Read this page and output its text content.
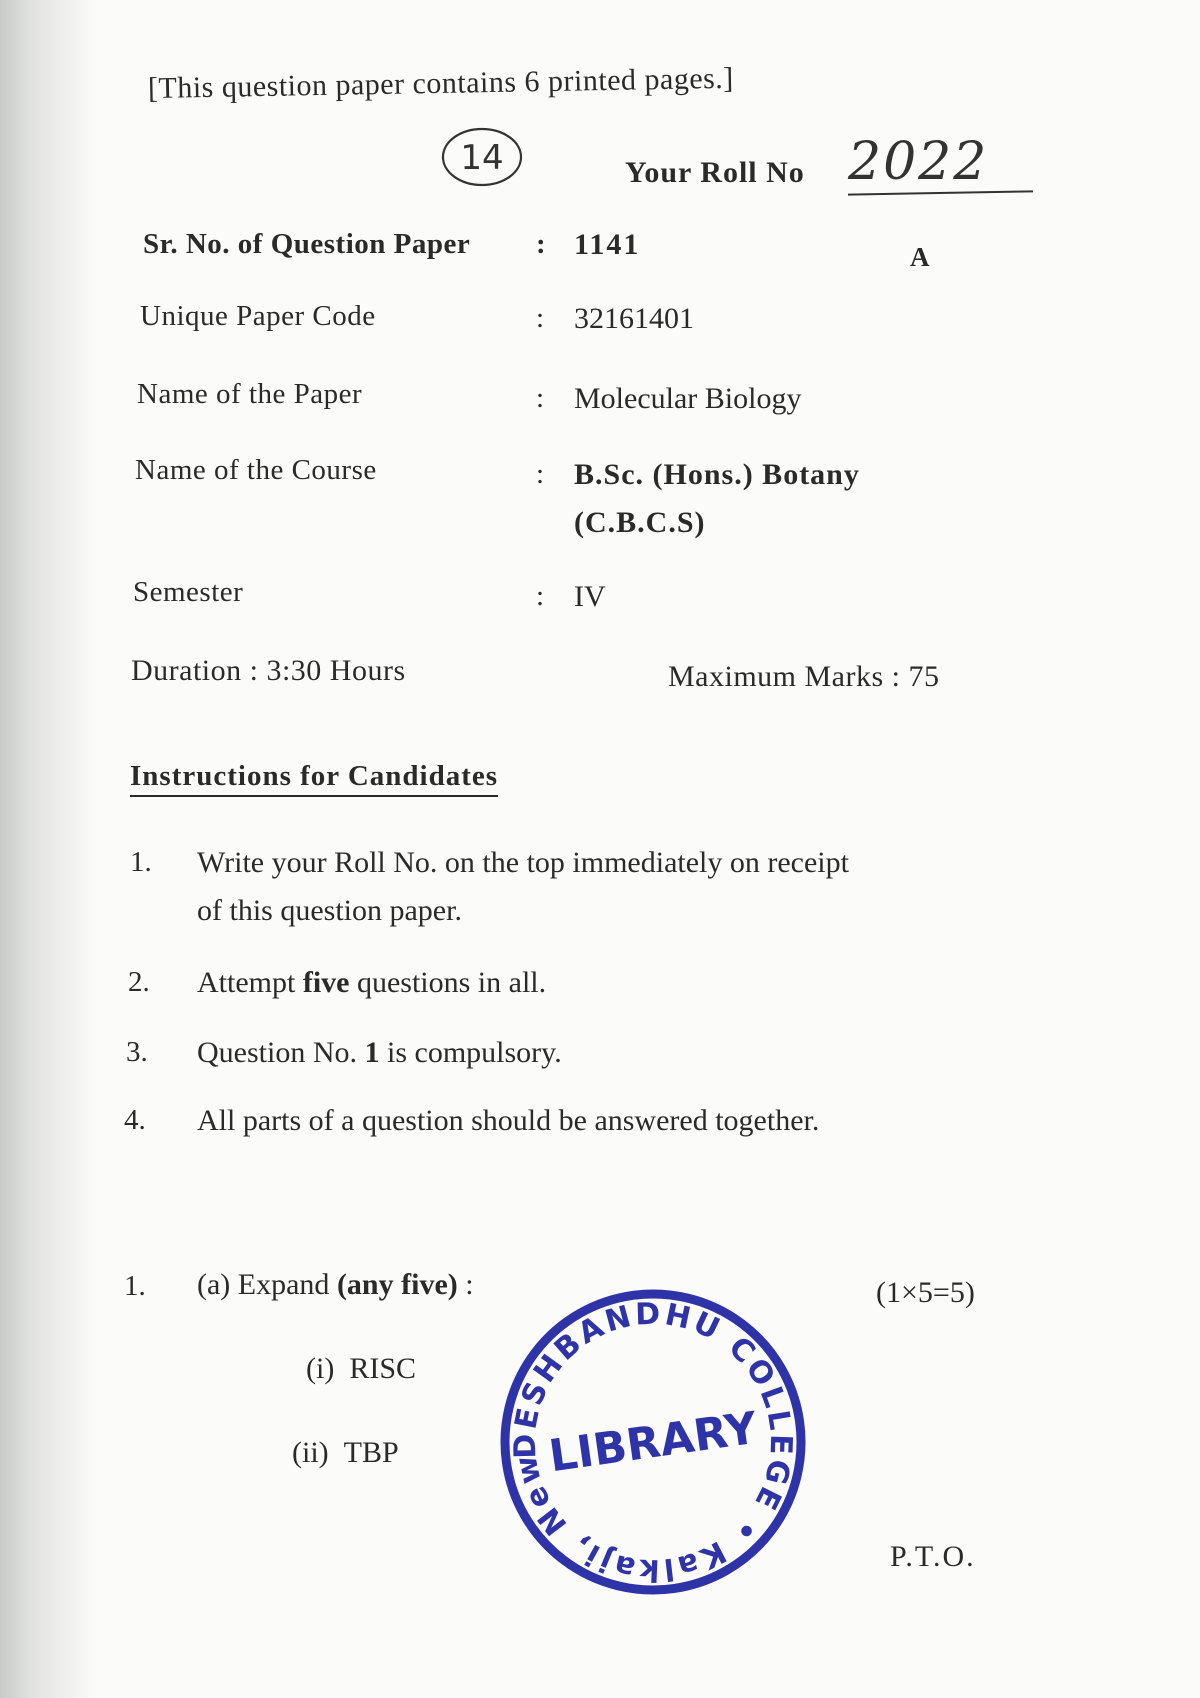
[This question paper contains 6 printed pages.]
14	Your Roll No 2022
Sr. No. of Question Paper : 1141	A
Unique Paper Code	: 32161401
Name of the Paper	: Molecular Biology
Name of the Course	: B.Sc. (Hons.) Botany
(C.B.C.S)
Semester	: IV
Duration : 3:30 Hours	Maximum Marks : 75
Instructions for Candidates
1. Write your Roll No. on the top immediately on receipt
of this question paper.
2. Attempt five questions in all.
3. Question No. 1 is compulsory.
4. All parts of a question should be answered together.
1. (a) Expand (any five) :	(1×5=5)
(i) RISC
(ii) TBP	DESHBANDHU COLLEGE • Kalkaji, New
LIBRARY
P.T.O.
